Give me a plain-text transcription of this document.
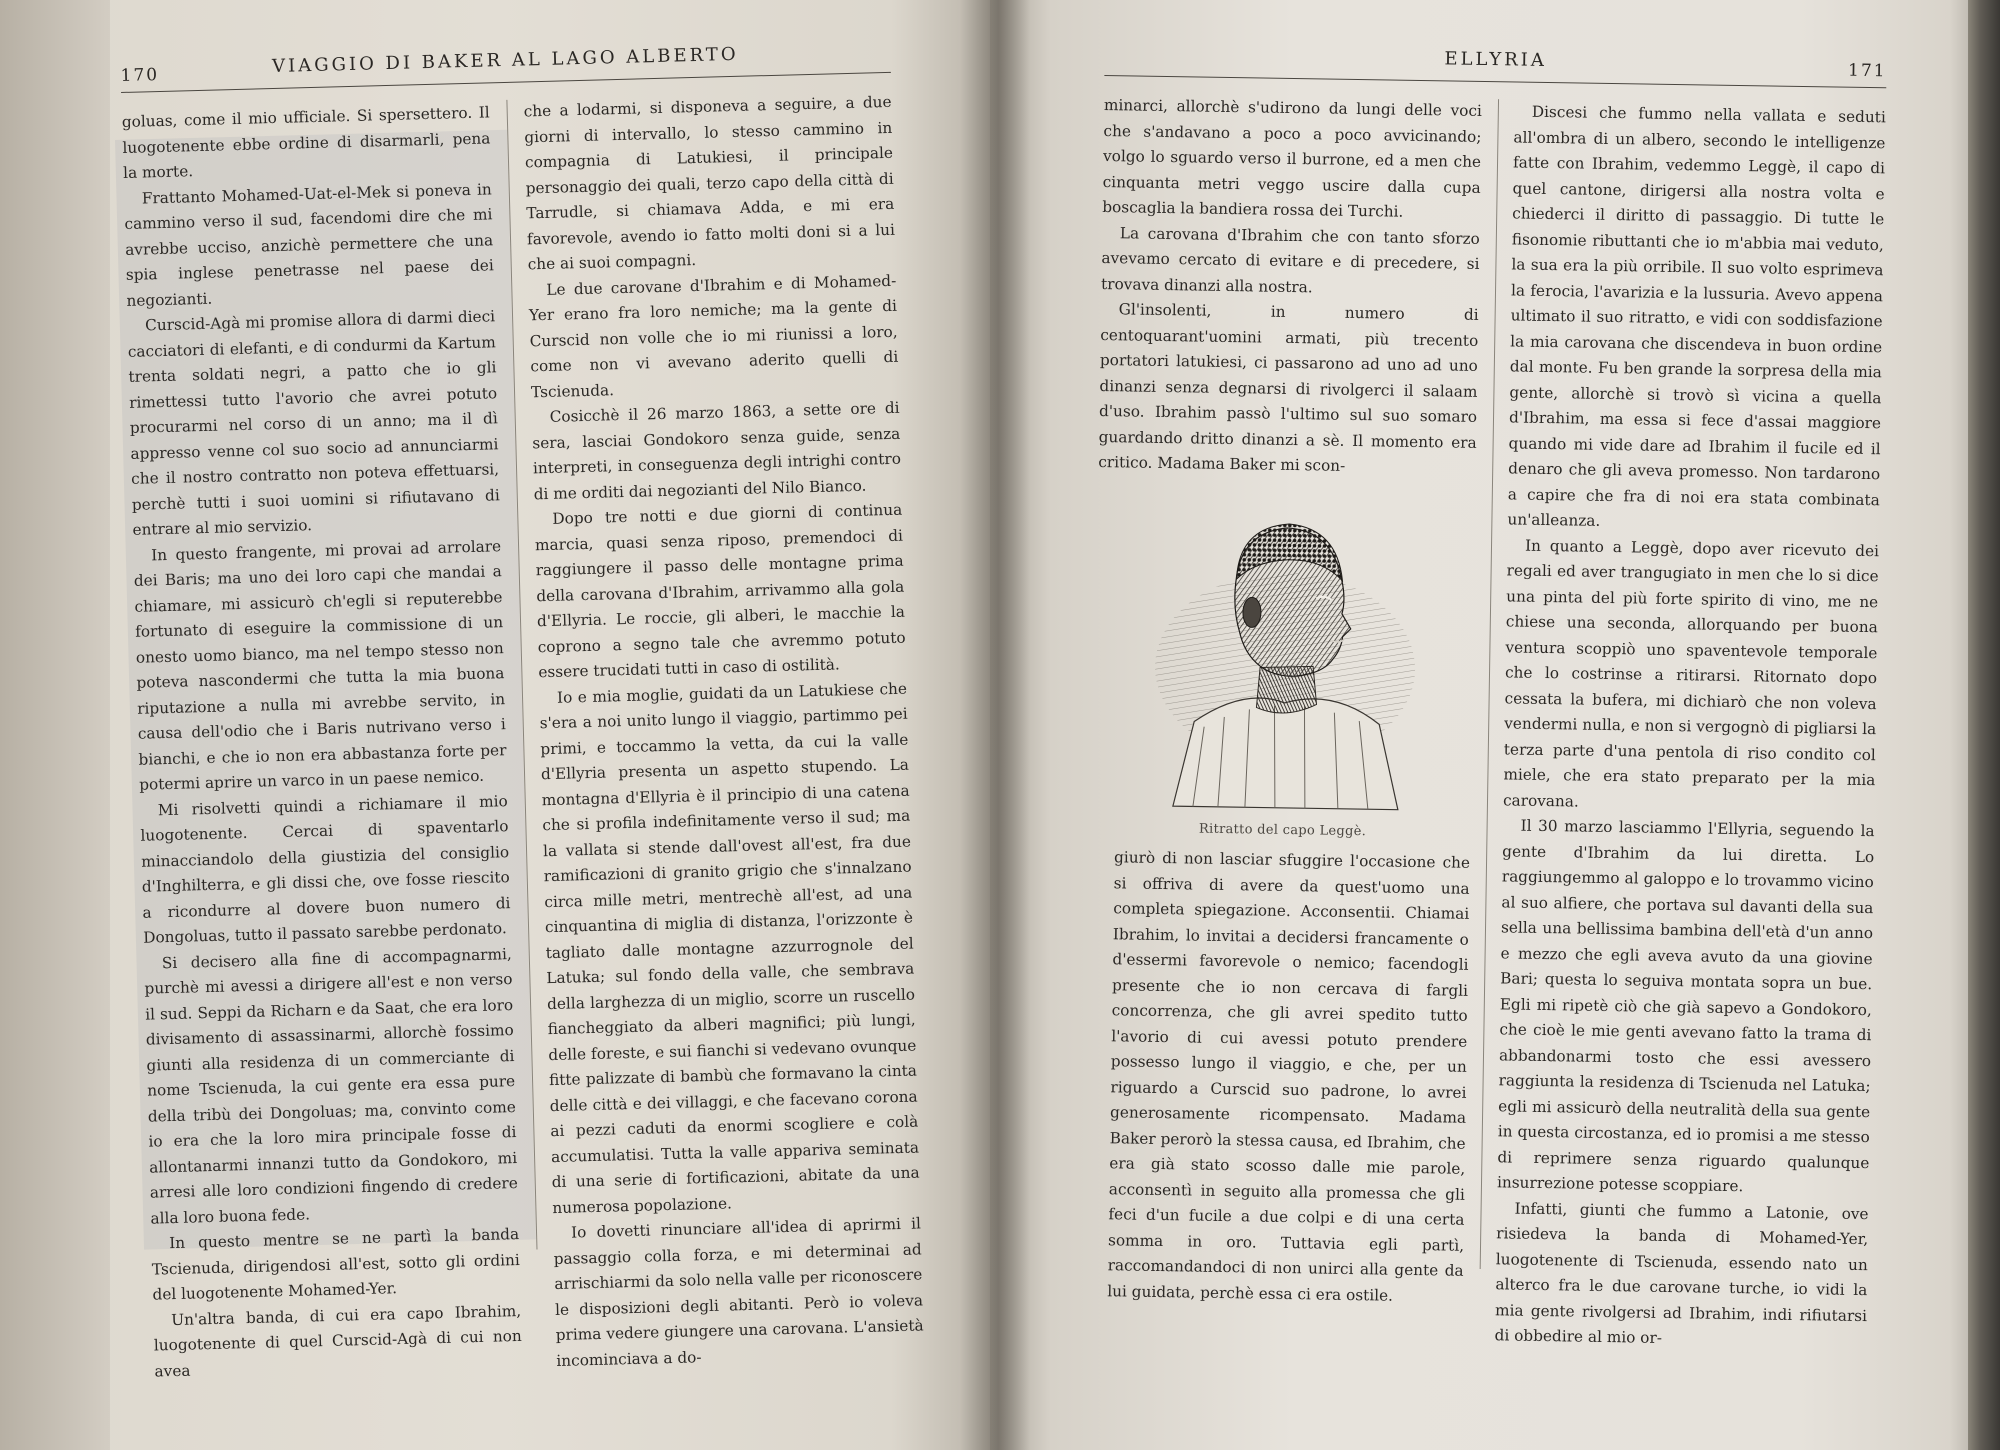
170	VIAGGIO DI BAKER AL LAGO ALBERTO

goluas, come il mio ufficiale. Si spersettero. Il luogotenente ebbe ordine di disarmarli, pena la morte.

Frattanto Mohamed-Uat-el-Mek si poneva in cammino verso il sud, facendomi dire che mi avrebbe ucciso, anzichè permettere che una spia inglese penetrasse nel paese dei negozianti.

Curscid-Agà mi promise allora di darmi dieci cacciatori di elefanti, e di condurmi da Kartum trenta soldati negri, a patto che io gli rimettessi tutto l'avorio che avrei potuto procurarmi nel corso di un anno; ma il dì appresso venne col suo socio ad annunciarmi che il nostro contratto non poteva effettuarsi, perchè tutti i suoi uomini si rifiutavano di entrare al mio servizio.

In questo frangente, mi provai ad arrolare dei Baris; ma uno dei loro capi che mandai a chiamare, mi assicurò ch'egli si reputerebbe fortunato di eseguire la commissione di un onesto uomo bianco, ma nel tempo stesso non poteva nascondermi che tutta la mia buona riputazione a nulla mi avrebbe servito, in causa dell'odio che i Baris nutrivano verso i bianchi, e che io non era abbastanza forte per potermi aprire un varco in un paese nemico.

Mi risolvetti quindi a richiamare il mio luogotenente. Cercai di spaventarlo minacciandolo della giustizia del consiglio d'Inghilterra, e gli dissi che, ove fosse riescito a ricondurre al dovere buon numero di Dongoluas, tutto il passato sarebbe perdonato.

Si decisero alla fine di accompagnarmi, purchè mi avessi a dirigere all'est e non verso il sud. Seppi da Richarn e da Saat, che era loro divisamento di assassinarmi, allorchè fossimo giunti alla residenza di un commerciante di nome Tscienuda, la cui gente era essa pure della tribù dei Dongoluas; ma, convinto come io era che la loro mira principale fosse di allontanarmi innanzi tutto da Gondokoro, mi arresi alle loro condizioni fingendo di credere alla loro buona fede.

In questo mentre se ne partì la banda Tscienuda, dirigendosi all'est, sotto gli ordini del luogotenente Mohamed-Yer.

Un'altra banda, di cui era capo Ibrahim, luogotenente di quel Curscid-Agà di cui non avea

che a lodarmi, si disponeva a seguire, a due giorni di intervallo, lo stesso cammino in compagnia di Latukiesi, il principale personaggio dei quali, terzo capo della città di Tarrudle, si chiamava Adda, e mi era favorevole, avendo io fatto molti doni si a lui che ai suoi compagni.

Le due carovane d'Ibrahim e di Mohamed-Yer erano fra loro nemiche; ma la gente di Curscid non volle che io mi riunissi a loro, come non vi avevano aderito quelli di Tscienuda.

Cosicchè il 26 marzo 1863, a sette ore di sera, lasciai Gondokoro senza guide, senza interpreti, in conseguenza degli intrighi contro di me orditi dai negozianti del Nilo Bianco.

Dopo tre notti e due giorni di continua marcia, quasi senza riposo, premendoci di raggiungere il passo delle montagne prima della carovana d'Ibrahim, arrivammo alla gola d'Ellyria. Le roccie, gli alberi, le macchie la coprono a segno tale che avremmo potuto essere trucidati tutti in caso di ostilità.

Io e mia moglie, guidati da un Latukiese che s'era a noi unito lungo il viaggio, partimmo pei primi, e toccammo la vetta, da cui la valle d'Ellyria presenta un aspetto stupendo. La montagna d'Ellyria è il principio di una catena che si profila indefinitamente verso il sud; ma la vallata si stende dall'ovest all'est, fra due ramificazioni di granito grigio che s'innalzano circa mille metri, mentrechè all'est, ad una cinquantina di miglia di distanza, l'orizzonte è tagliato dalle montagne azzurrognole del Latuka; sul fondo della valle, che sembrava della larghezza di un miglio, scorre un ruscello fiancheggiato da alberi magnifici; più lungi, delle foreste, e sui fianchi si vedevano ovunque fitte palizzate di bambù che formavano la cinta delle città e dei villaggi, e che facevano corona ai pezzi caduti da enormi scogliere e colà accumulatisi. Tutta la valle appariva seminata di una serie di fortificazioni, abitate da una numerosa popolazione.

Io dovetti rinunciare all'idea di aprirmi il passaggio colla forza, e mi determinai ad arrischiarmi da solo nella valle per riconoscere le disposizioni degli abitanti. Però io voleva prima vedere giungere una carovana. L'ansietà incominciava a do-

ELLYRIA
171

minarci, allorchè s'udirono da lungi delle voci che s'andavano a poco a poco avvicinando; volgo lo sguardo verso il burrone, ed a men che cinquanta metri veggo uscire dalla cupa boscaglia la bandiera rossa dei Turchi.

La carovana d'Ibrahim che con tanto sforzo avevamo cercato di evitare e di precedere, si trovava dinanzi alla nostra.

Gl'insolenti, in numero di centoquarant'uomini armati, più trecento portatori latukiesi, ci passarono ad uno ad uno dinanzi senza degnarsi di rivolgerci il salaam d'uso. Ibrahim passò l'ultimo sul suo somaro guardando dritto dinanzi a sè. Il momento era critico. Madama Baker mi scon-

Ritratto del capo Leggè.

giurò di non lasciar sfuggire l'occasione che si offriva di avere da quest'uomo una completa spiegazione. Acconsentii. Chiamai Ibrahim, lo invitai a decidersi francamente o d'essermi favorevole o nemico; facendogli presente che io non cercava di fargli concorrenza, che gli avrei spedito tutto l'avorio di cui avessi potuto prendere possesso lungo il viaggio, e che, per un riguardo a Curscid suo padrone, lo avrei generosamente ricompensato. Madama Baker perorò la stessa causa, ed Ibrahim, che era già stato scosso dalle mie parole, acconsentì in seguito alla promessa che gli feci d'un fucile a due colpi e di una certa somma in oro. Tuttavia egli partì, raccomandandoci di non unirci alla gente da lui guidata, perchè essa ci era ostile.

Discesi che fummo nella vallata e seduti all'ombra di un albero, secondo le intelligenze fatte con Ibrahim, vedemmo Leggè, il capo di quel cantone, dirigersi alla nostra volta e chiederci il diritto di passaggio. Di tutte le fisonomie ributtanti che io m'abbia mai veduto, la sua era la più orribile. Il suo volto esprimeva la ferocia, l'avarizia e la lussuria. Avevo appena ultimato il suo ritratto, e vidi con soddisfazione la mia carovana che discendeva in buon ordine dal monte. Fu ben grande la sorpresa della mia gente, allorchè si trovò sì vicina a quella d'Ibrahim, ma essa si fece d'assai maggiore quando mi vide dare ad Ibrahim il fucile ed il denaro che gli aveva promesso. Non tardarono a capire che fra di noi era stata combinata un'alleanza.

In quanto a Leggè, dopo aver ricevuto dei regali ed aver trangugiato in men che lo si dice una pinta del più forte spirito di vino, me ne chiese una seconda, allorquando per buona ventura scoppiò uno spaventevole temporale che lo costrinse a ritirarsi. Ritornato dopo cessata la bufera, mi dichiarò che non voleva vendermi nulla, e non si vergognò di pigliarsi la terza parte d'una pentola di riso condito col miele, che era stato preparato per la mia carovana.

Il 30 marzo lasciammo l'Ellyria, seguendo la gente d'Ibrahim da lui diretta. Lo raggiungemmo al galoppo e lo trovammo vicino al suo alfiere, che portava sul davanti della sua sella una bellissima bambina dell'età d'un anno e mezzo che egli aveva avuto da una giovine Bari; questa lo seguiva montata sopra un bue. Egli mi ripetè ciò che già sapevo a Gondokoro, che cioè le mie genti avevano fatto la trama di abbandonarmi tosto che essi avessero raggiunta la residenza di Tscienuda nel Latuka; egli mi assicurò della neutralità della sua gente in questa circostanza, ed io promisi a me stesso di reprimere senza riguardo qualunque insurrezione potesse scoppiare.

Infatti, giunti che fummo a Latonie, ove risiedeva la banda di Mohamed-Yer, luogotenente di Tscienuda, essendo nato un alterco fra le due carovane turche, io vidi la mia gente rivolgersi ad Ibrahim, indi rifiutarsi di obbedire al mio or-
